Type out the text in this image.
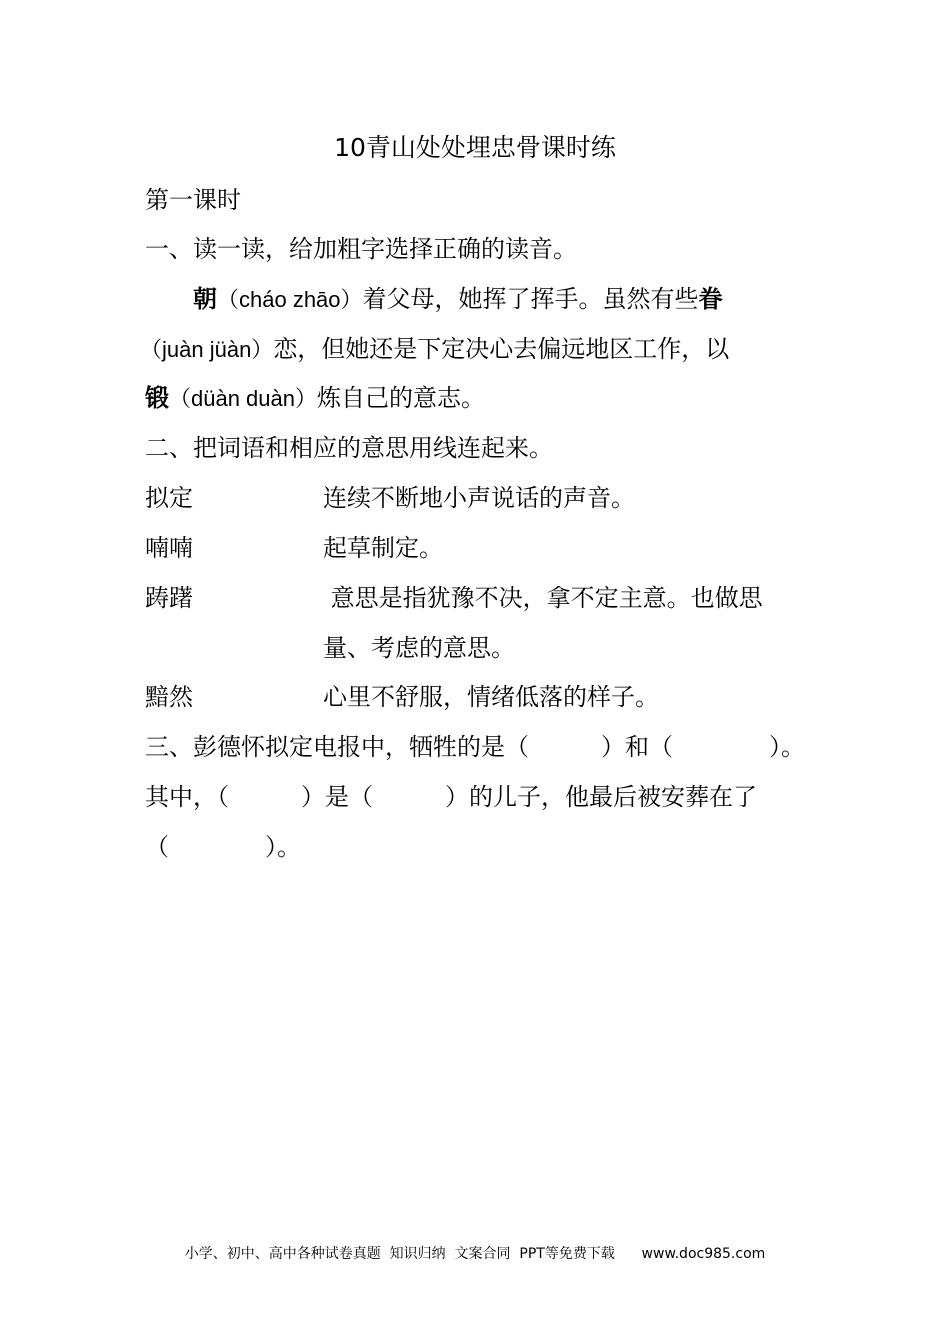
10青山处处埋忠骨课时练
第一课时
一、读一读，给加粗字选择正确的读音。
朝（cháo zhāo）着父母，她挥了挥手。虽然有些眷
（juàn jüàn）恋，但她还是下定决心去偏远地区工作，以
锻（düàn duàn）炼自己的意志。
二、把词语和相应的意思用线连起来。
拟定	连续不断地小声说话的声音。
喃喃	起草制定。
踌躇	意思是指犹豫不决，拿不定主意。也做思
量、考虑的意思。
黯然	心里不舒服，情绪低落的样子。
三、彭德怀拟定电报中，牺牲的是（　　　）和（　　　　）。
其中，（　　　）是（　　　）的儿子，他最后被安葬在了
（　　　　）。
小学、初中、高中各种试卷真题  知识归纳  文案合同  PPT等免费下载      www.doc985.com
